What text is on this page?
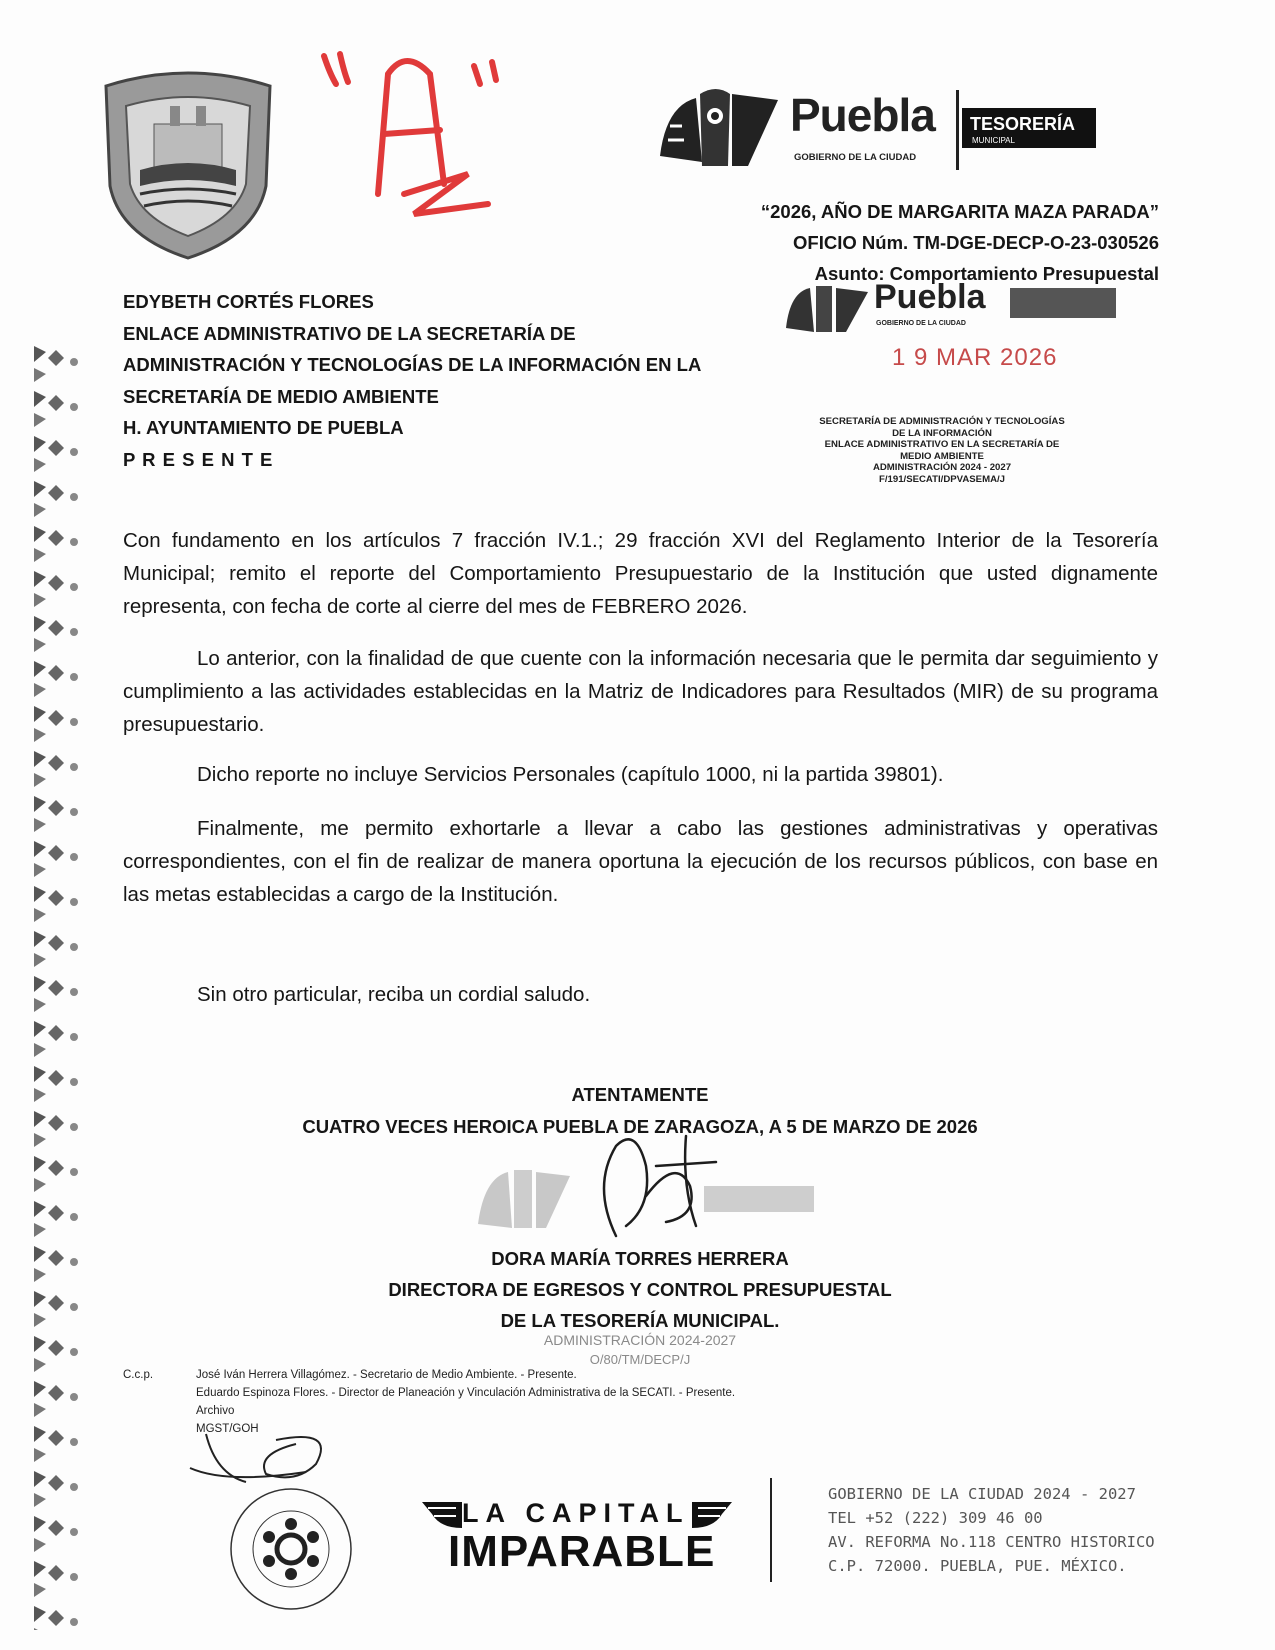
Puebla
GOBIERNO DE LA CIUDAD
TESORERÍA
MUNICIPAL
“2026, AÑO DE MARGARITA MAZA PARADA”
OFICIO Núm. TM-DGE-DECP-O-23-030526
Asunto: Comportamiento Presupuestal
Puebla
GOBIERNO DE LA CIUDAD
1 9 MAR 2026
SECRETARÍA DE ADMINISTRACIÓN Y TECNOLOGÍAS
DE LA INFORMACIÓN
ENLACE ADMINISTRATIVO EN LA SECRETARÍA DE
MEDIO AMBIENTE
ADMINISTRACIÓN 2024 - 2027
F/191/SECATI/DPVASEMA/J
EDYBETH CORTÉS FLORES
ENLACE ADMINISTRATIVO DE LA SECRETARÍA DE
ADMINISTRACIÓN Y TECNOLOGÍAS DE LA INFORMACIÓN EN LA
SECRETARÍA DE MEDIO AMBIENTE
H. AYUNTAMIENTO DE PUEBLA
P R E S E N T E
Con fundamento en los artículos 7 fracción IV.1.; 29 fracción XVI del Reglamento Interior de la Tesorería Municipal; remito el reporte del Comportamiento Presupuestario de la Institución que usted dignamente representa, con fecha de corte al cierre del mes de FEBRERO 2026.
Lo anterior, con la finalidad de que cuente con la información necesaria que le permita dar seguimiento y cumplimiento a las actividades establecidas en la Matriz de Indicadores para Resultados (MIR) de su programa presupuestario.
Dicho reporte no incluye Servicios Personales (capítulo 1000, ni la partida 39801).
Finalmente, me permito exhortarle a llevar a cabo las gestiones administrativas y operativas correspondientes, con el fin de realizar de manera oportuna la ejecución de los recursos públicos, con base en las metas establecidas a cargo de la Institución.
Sin otro particular, reciba un cordial saludo.
ATENTAMENTE
CUATRO VECES HEROICA PUEBLA DE ZARAGOZA, A 5 DE MARZO DE 2026
DORA MARÍA TORRES HERRERA
DIRECTORA DE EGRESOS Y CONTROL PRESUPUESTAL
DE LA TESORERÍA MUNICIPAL.
ADMINISTRACIÓN 2024-2027
O/80/TM/DECP/J
C.c.p.	José Iván Herrera Villagómez. - Secretario de Medio Ambiente. - Presente.
Eduardo Espinoza Flores. - Director de Planeación y Vinculación Administrativa de la SECATI. - Presente.
Archivo
MGST/GOH
LA CAPITAL
IMPARABLE
GOBIERNO DE LA CIUDAD 2024 - 2027
TEL +52 (222) 309 46 00
AV. REFORMA No.118 CENTRO HISTORICO
C.P. 72000. PUEBLA, PUE. MÉXICO.
